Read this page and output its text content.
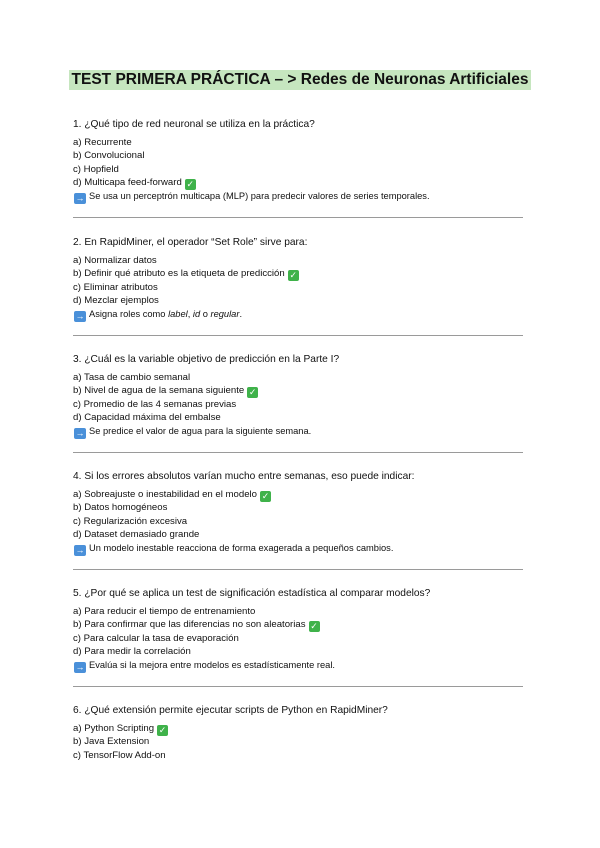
TEST PRIMERA PRÁCTICA – > Redes de Neuronas Artificiales
1. ¿Qué tipo de red neuronal se utiliza en la práctica?
a) Recurrente
b) Convolucional
c) Hopfield
d) Multicapa feed-forward ✓
→ Se usa un perceptrón multicapa (MLP) para predecir valores de series temporales.
2. En RapidMiner, el operador “Set Role” sirve para:
a) Normalizar datos
b) Definir qué atributo es la etiqueta de predicción ✓
c) Eliminar atributos
d) Mezclar ejemplos
→ Asigna roles como label, id o regular.
3. ¿Cuál es la variable objetivo de predicción en la Parte I?
a) Tasa de cambio semanal
b) Nivel de agua de la semana siguiente ✓
c) Promedio de las 4 semanas previas
d) Capacidad máxima del embalse
→ Se predice el valor de agua para la siguiente semana.
4. Si los errores absolutos varían mucho entre semanas, eso puede indicar:
a) Sobreajuste o inestabilidad en el modelo ✓
b) Datos homogéneos
c) Regularización excesiva
d) Dataset demasiado grande
→ Un modelo inestable reacciona de forma exagerada a pequeños cambios.
5. ¿Por qué se aplica un test de significación estadística al comparar modelos?
a) Para reducir el tiempo de entrenamiento
b) Para confirmar que las diferencias no son aleatorias ✓
c) Para calcular la tasa de evaporación
d) Para medir la correlación
→ Evalúa si la mejora entre modelos es estadísticamente real.
6. ¿Qué extensión permite ejecutar scripts de Python en RapidMiner?
a) Python Scripting ✓
b) Java Extension
c) TensorFlow Add-on
